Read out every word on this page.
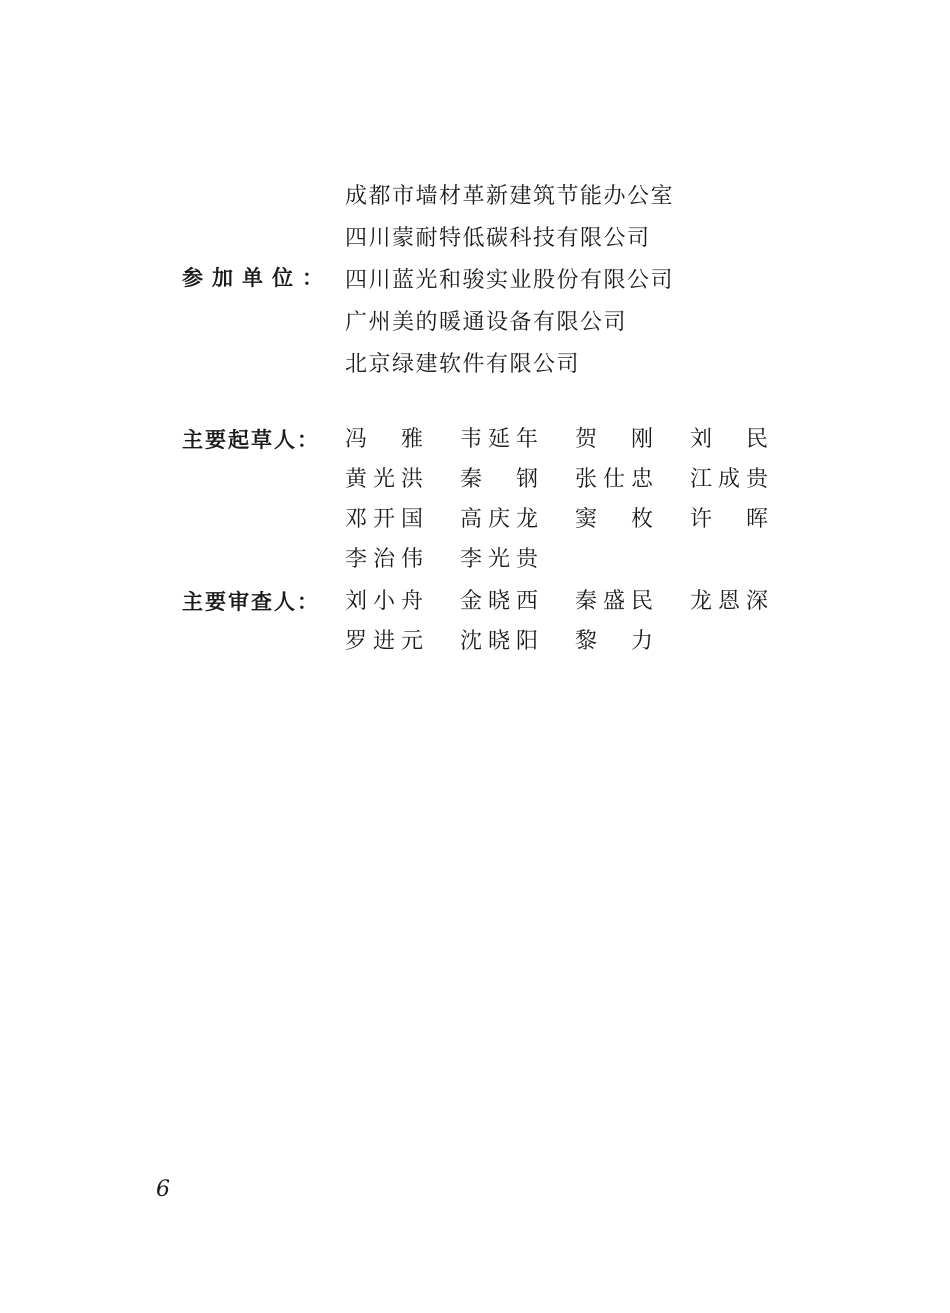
成都市墙材革新建筑节能办公室
四川蒙耐特低碳科技有限公司
四川蓝光和骏实业股份有限公司
广州美的暖通设备有限公司
北京绿建软件有限公司
参加单位：
主要起草人： 冯 雅 韦 延 年 贺 刚 刘 民
黄 光 洪 秦 钢 张 仕 忠 江 成 贵
邓 开 国 高 庆 龙 窦 枚 许 晖
李 治 伟 李 光 贵
主要审查人： 刘 小 舟 金 晓 西 秦 盛 民 龙 恩 深
罗 进 元 沈 晓 阳 黎 力
6
